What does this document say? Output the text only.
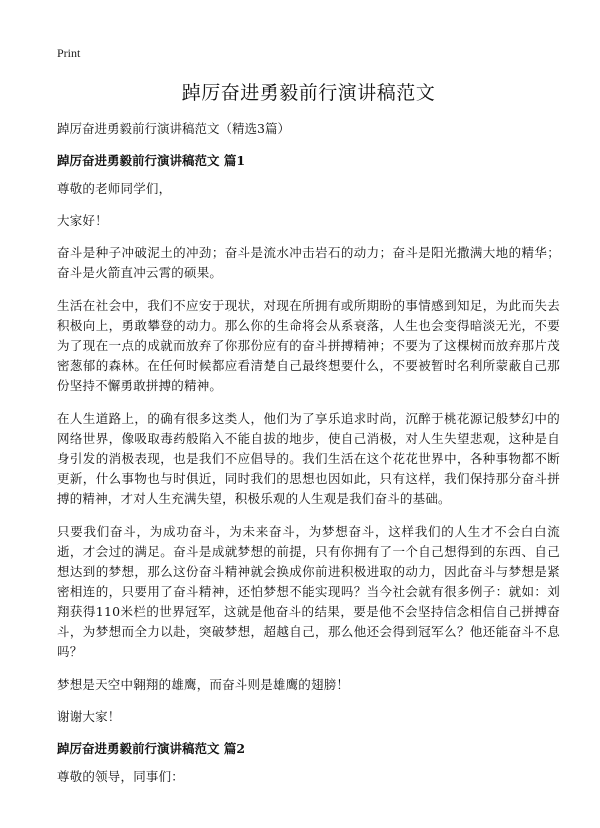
Print
踔厉奋进勇毅前行演讲稿范文
踔厉奋进勇毅前行演讲稿范文（精选3篇）
踔厉奋进勇毅前行演讲稿范文 篇1

尊敬的老师同学们，

大家好！

奋斗是种子冲破泥土的冲劲；奋斗是流水冲击岩石的动力；奋斗是阳光撒满大地的精华；奋斗是火箭直冲云霄的硕果。

生活在社会中，我们不应安于现状，对现在所拥有或所期盼的事情感到知足，为此而失去积极向上，勇敢攀登的动力。那么你的生命将会从系衰落，人生也会变得暗淡无光，不要为了现在一点的成就而放弃了你那份应有的奋斗拼搏精神；不要为了这棵树而放弃那片茂密葱郁的森林。在任何时候都应看清楚自己最终想要什么，不要被暂时名利所蒙蔽自己那份坚持不懈勇敢拼搏的精神。

在人生道路上，的确有很多这类人，他们为了享乐追求时尚，沉醉于桃花源记般梦幻中的网络世界，像吸取毒药般陷入不能自拔的地步，使自己消极，对人生失望悲观，这种是自身引发的消极表现，也是我们不应倡导的。我们生活在这个花花世界中，各种事物都不断更新，什么事物也与时俱近，同时我们的思想也因如此，只有这样，我们保持那分奋斗拼搏的精神，才对人生充满失望，积极乐观的人生观是我们奋斗的基础。

只要我们奋斗，为成功奋斗，为未来奋斗，为梦想奋斗，这样我们的人生才不会白白流逝，才会过的满足。奋斗是成就梦想的前提，只有你拥有了一个自己想得到的东西、自己想达到的梦想，那么这份奋斗精神就会换成你前进积极进取的动力，因此奋斗与梦想是紧密相连的，只要用了奋斗精神，还怕梦想不能实现吗？当今社会就有很多例子：就如：刘翔获得110米栏的世界冠军，这就是他奋斗的结果，要是他不会坚持信念相信自己拼搏奋斗，为梦想而全力以赴，突破梦想，超越自己，那么他还会得到冠军么？他还能奋斗不息吗？

梦想是天空中翱翔的雄鹰，而奋斗则是雄鹰的翅膀！

谢谢大家！

踔厉奋进勇毅前行演讲稿范文 篇2

尊敬的领导，同事们：
